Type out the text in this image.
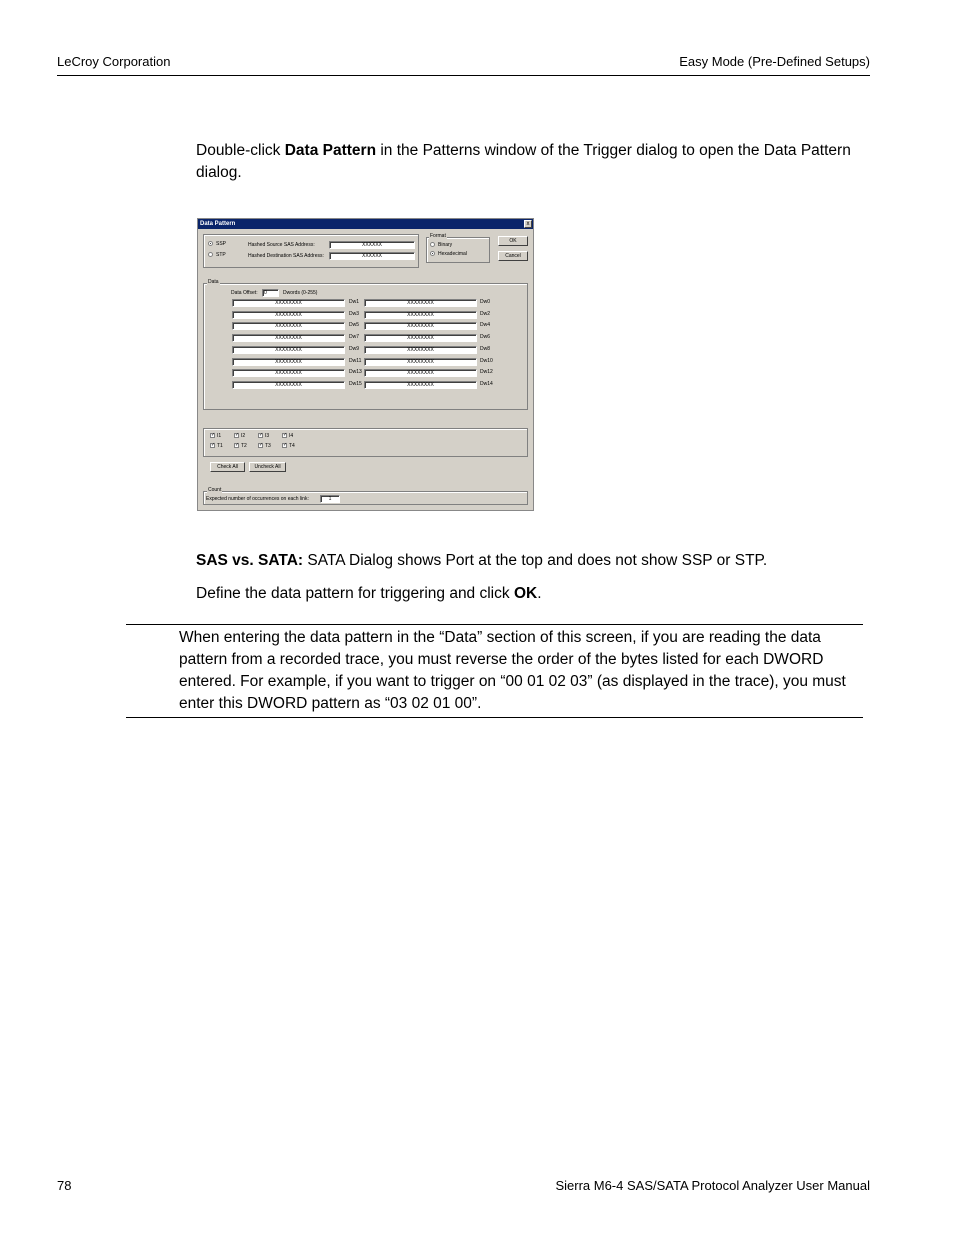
LeCroy Corporation	Easy Mode (Pre-Defined Setups)
Double-click Data Pattern in the Patterns window of the Trigger dialog to open the Data Pattern dialog.
Data Pattern	x
SSP
STP
Hashed Source SAS Address:	XXXXXX
Hashed Destination SAS Address:	XXXXXX
Format
Binary
Hexadecimal
OK
Cancel
Data
Data Offset:	0	Dwords (0-255)
XXXXXXXX	Dw1	XXXXXXXX	Dw0
XXXXXXXX	Dw3	XXXXXXXX	Dw2
XXXXXXXX	Dw5	XXXXXXXX	Dw4
XXXXXXXX	Dw7	XXXXXXXX	Dw6
XXXXXXXX	Dw9	XXXXXXXX	Dw8
XXXXXXXX	Dw11	XXXXXXXX	Dw10
XXXXXXXX	Dw13	XXXXXXXX	Dw12
XXXXXXXX	Dw15	XXXXXXXX	Dw14
✓ I1	✓ I2	✓ I3	✓ I4
✓ T1 ✓ T2 ✓ T3 ✓ T4
Check All	Uncheck All
Count
Expected number of occurrences on each link:	1
SAS vs. SATA: SATA Dialog shows Port at the top and does not show SSP or STP.
Define the data pattern for triggering and click OK.
When entering the data pattern in the “Data” section of this screen, if you are reading the data pattern from a recorded trace, you must reverse the order of the bytes listed for each DWORD entered. For example, if you want to trigger on “00 01 02 03” (as displayed in the trace), you must enter this DWORD pattern as “03 02 01 00”.
78	Sierra M6-4 SAS/SATA Protocol Analyzer User Manual
